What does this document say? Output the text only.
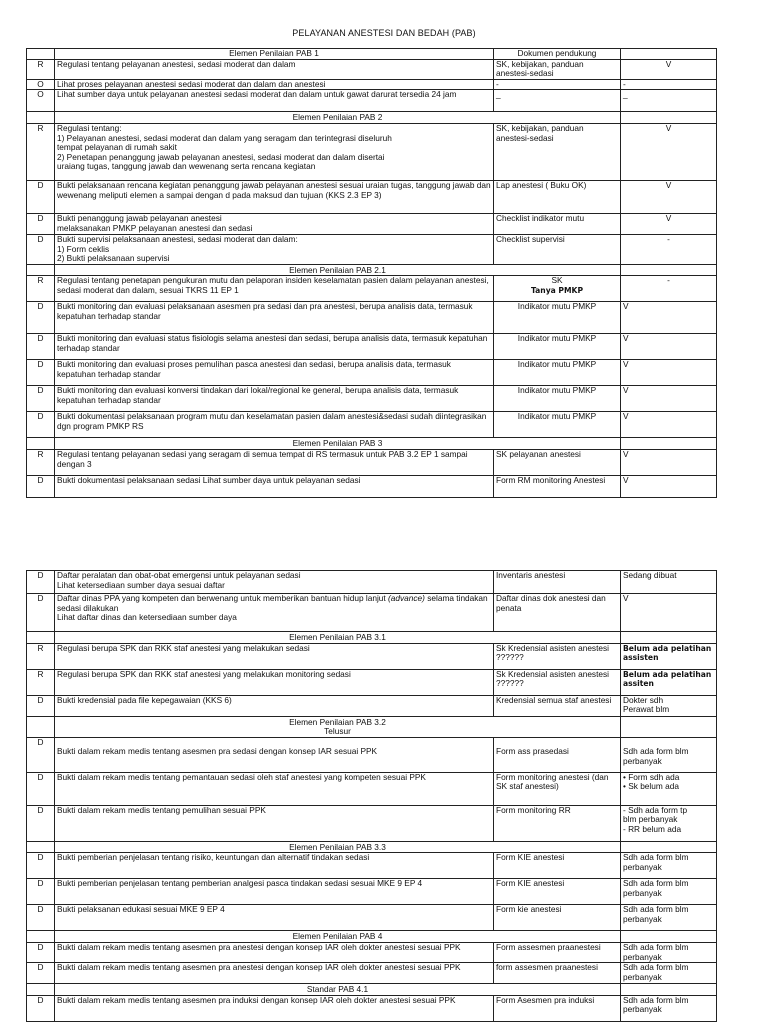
PELAYANAN ANESTESI DAN BEDAH (PAB)
	Elemen Penilaian PAB 1	Dokumen pendukung	
R	Regulasi tentang pelayanan anestesi, sedasi moderat dan dalam	SK, kebijakan, panduan anestesi-sedasi	V
O	Lihat proses pelayanan anestesi sedasi moderat dan dalam dan anestesi	-	-
O	Lihat sumber daya untuk pelayanan anestesi sedasi moderat dan dalam untuk gawat darurat tersedia 24 jam	_	_
	Elemen Penilaian PAB 2		
R	Regulasi tentang:
1) Pelayanan anestesi, sedasi moderat dan dalam yang seragam dan terintegrasi diseluruh
tempat pelayanan di rumah sakit
2) Penetapan penanggung jawab pelayanan anestesi, sedasi moderat dan dalam disertai
uraiang tugas, tanggung jawab dan wewenang serta rencana kegiatan	SK, kebijakan, panduan anestesi-sedasi	V
D	Bukti pelaksanaan rencana kegiatan penanggung jawab pelayanan anestesi sesuai uraian tugas, tanggung jawab dan wewenang meliputi elemen a sampai dengan d pada maksud dan tujuan (KKS 2.3 EP 3)	Lap anestesi ( Buku OK)	V
D	Bukti penanggung jawab pelayanan anestesi
melaksanakan PMKP pelayanan anestesi dan sedasi	Checklist indikator mutu	V
D	Bukti supervisi pelaksanaan anestesi, sedasi moderat dan dalam:
1) Form ceklis
2) Bukti pelaksanaan supervisi	Checklist supervisi	-
	Elemen Penilaian PAB 2.1		
R	Regulasi tentang penetapan pengukuran mutu dan pelaporan insiden keselamatan pasien dalam pelayanan anestesi, sedasi moderat dan dalam, sesuai TKRS 11 EP 1	SK
Tanya PMKP	-
D	Bukti monitoring dan evaluasi pelaksanaan asesmen pra sedasi dan pra anestesi, berupa analisis data, termasuk kepatuhan terhadap standar	Indikator mutu PMKP	V
D	Bukti monitoring dan evaluasi status fisiologis selama anestesi dan sedasi, berupa analisis data, termasuk kepatuhan terhadap standar	Indikator mutu PMKP	V
D	Bukti monitoring dan evaluasi proses pemulihan pasca anestesi dan sedasi, berupa analisis data, termasuk kepatuhan terhadap standar	Indikator mutu PMKP	V
D	Bukti monitoring dan evaluasi konversi tindakan dari lokal/regional ke general, berupa analisis data, termasuk kepatuhan terhadap standar	Indikator mutu PMKP	V
D	Bukti dokumentasi pelaksanaan program mutu dan keselamatan pasien dalam anestesi&sedasi sudah diintegrasikan dgn program PMKP RS	Indikator mutu PMKP	V
	Elemen Penilaian PAB 3		
R	Regulasi tentang pelayanan sedasi yang seragam di semua tempat di RS termasuk untuk PAB 3.2 EP 1 sampai dengan 3	SK pelayanan anestesi	V
D	Bukti dokumentasi pelaksanaan sedasi Lihat sumber daya untuk pelayanan sedasi	Form RM monitoring Anestesi	V
D	Daftar peralatan dan obat-obat emergensi untuk pelayanan sedasi
Lihat ketersediaan sumber daya sesuai daftar	Inventaris anestesi	Sedang dibuat
D	Daftar dinas PPA yang kompeten dan berwenang untuk memberikan bantuan hidup lanjut (advance) selama tindakan sedasi dilakukan
Lihat daftar dinas dan ketersediaan sumber daya	Daftar dinas dok anestesi dan penata	V
	Elemen Penilaian PAB 3.1		
R	Regulasi berupa SPK dan RKK staf anestesi yang melakukan sedasi	Sk Kredensial asisten anestesi ??????	Belum ada pelatihan assisten
R	Regulasi berupa SPK dan RKK staf anestesi yang melakukan monitoring sedasi	Sk Kredensial asisten anestesi ??????	Belum ada pelatihan assiten
D	Bukti kredensial pada file kepegawaian (KKS 6)	Kredensial semua staf anestesi	Dokter sdh
Perawat blm
	Elemen Penilaian PAB 3.2
Telusur		
D	Bukti dalam rekam medis tentang asesmen pra sedasi dengan konsep IAR sesuai PPK	Form ass prasedasi	Sdh ada form blm perbanyak
D	Bukti dalam rekam medis tentang pemantauan sedasi oleh staf anestesi yang kompeten sesuai PPK	Form monitoring anestesi (dan SK staf anestesi)	• Form sdh ada
• Sk belum ada
D	Bukti dalam rekam medis tentang pemulihan sesuai PPK	Form monitoring RR	- Sdh ada form tp
blm perbanyak
- RR belum ada
	Elemen Penilaian PAB 3.3		
D	Bukti pemberian penjelasan tentang risiko, keuntungan dan alternatif tindakan sedasi	Form KIE anestesi	Sdh ada form blm
perbanyak
D	Bukti pemberian penjelasan tentang pemberian analgesi pasca tindakan sedasi sesuai MKE 9 EP 4	Form KIE anestesi	Sdh ada form blm perbanyak
D	Bukti pelaksanan edukasi sesuai MKE 9 EP 4	Form kie anestesi	Sdh ada form blm perbanyak
	Elemen Penilaian PAB 4		
D	Bukti dalam rekam medis tentang asesmen pra anestesi dengan konsep IAR oleh dokter anestesi sesuai PPK	Form assesmen praanestesi	Sdh ada form blm perbanyak
D	Bukti dalam rekam medis tentang asesmen pra anestesi dengan konsep IAR oleh dokter anestesi sesuai PPK	form assesmen praanestesi	Sdh ada form blm perbanyak
	Standar PAB 4.1		
D	Bukti dalam rekam medis tentang asesmen pra induksi dengan konsep IAR oleh dokter anestesi sesuai PPK	Form Asesmen pra induksi	Sdh ada form blm perbanyak
